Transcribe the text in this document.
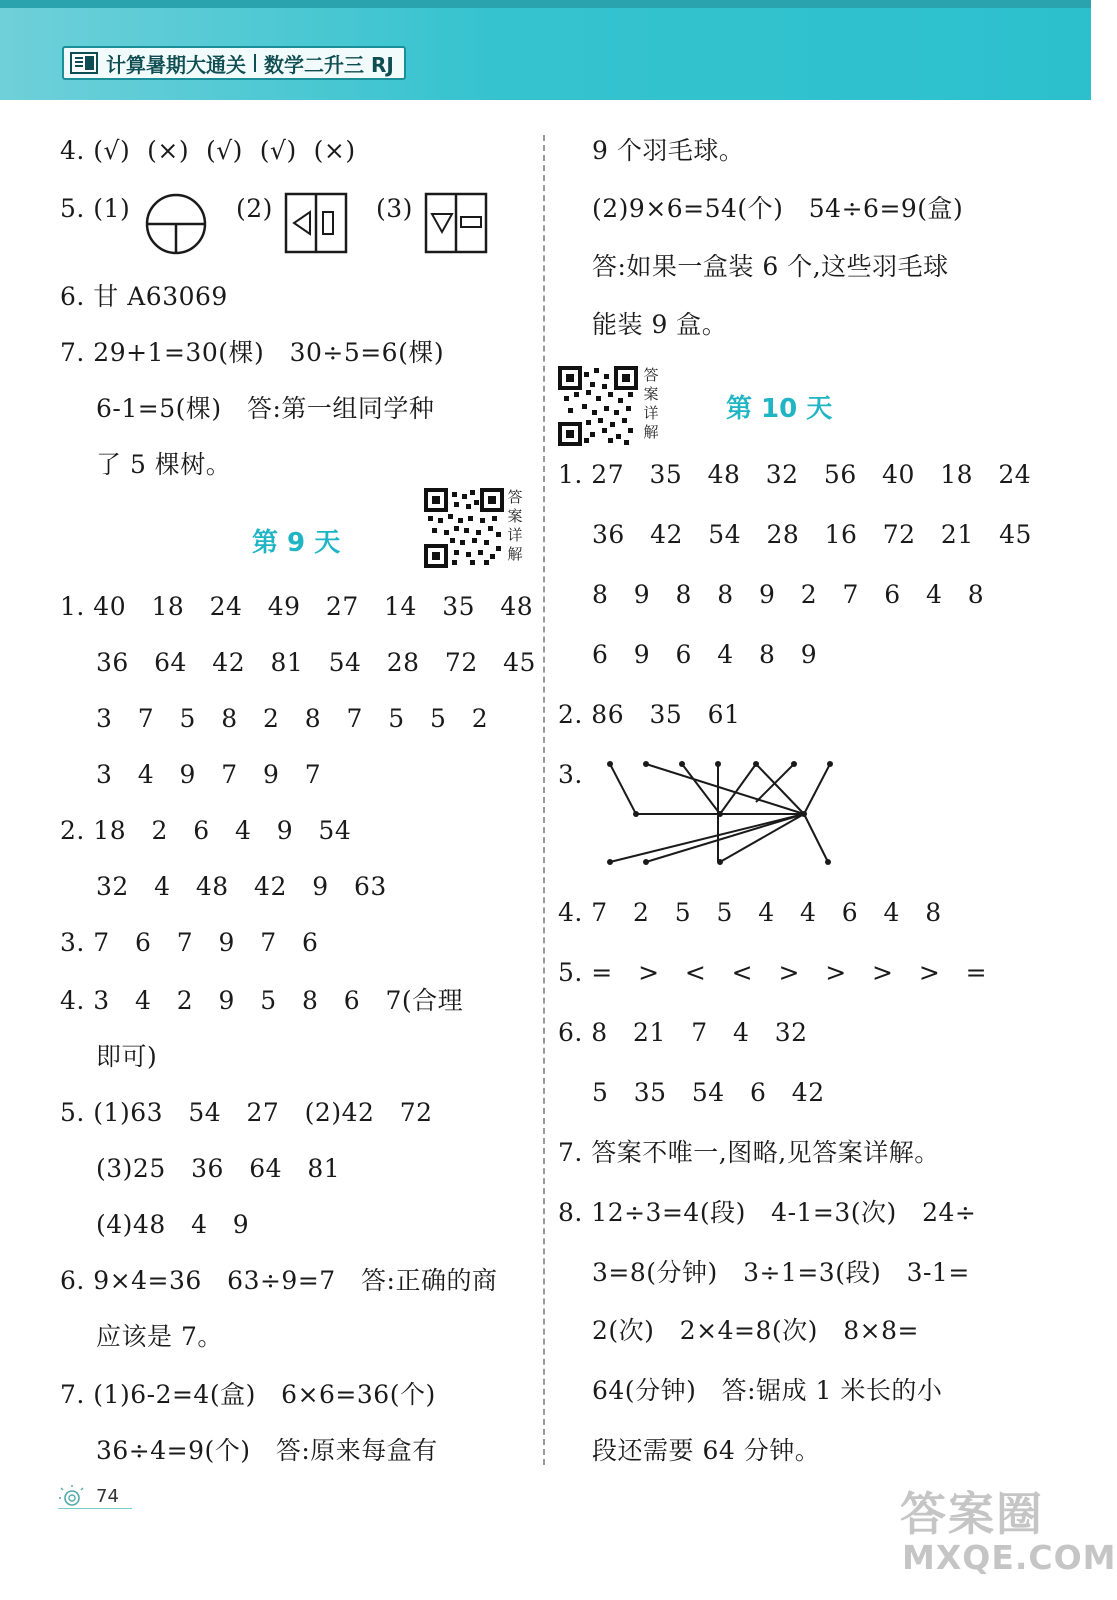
计算暑期大通关 数学二升三 RJ
4. (√)  (×)  (√)  (√)  (×)
5. (1)	(2)	(3)
6. 甘 A63069
7. 29+1=30(棵)   30÷5=6(棵)
6-1=5(棵)   答:第一组同学种
了 5 棵树。
第 9 天
答
案
详
解
1. 40   18   24   49   27   14   35   48
36   64   42   81   54   28   72   45
3   7   5   8   2   8   7   5   5   2
3   4   9   7   9   7
2. 18   2   6   4   9   54
32   4   48   42   9   63
3. 7   6   7   9   7   6
4. 3   4   2   9   5   8   6   7(合理
即可)
5. (1)63   54   27   (2)42   72
(3)25   36   64   81
(4)48   4   9
6. 9×4=36   63÷9=7   答:正确的商
应该是 7。
7. (1)6-2=4(盒)   6×6=36(个)
36÷4=9(个)   答:原来每盒有
9 个羽毛球。
(2)9×6=54(个)   54÷6=9(盒)
答:如果一盒装 6 个,这些羽毛球
能装 9 盒。
答
案
详
解
第 10 天
1. 27   35   48   32   56   40   18   24
36   42   54   28   16   72   21   45
8   9   8   8   9   2   7   6   4   8
6   9   6   4   8   9
2. 86   35   61
3.
4. 7   2   5   5   4   4   6   4   8
5. =   >   <   <   >   >   >   >   =
6. 8   21   7   4   32
5   35   54   6   42
7. 答案不唯一,图略,见答案详解。
8. 12÷3=4(段)   4-1=3(次)   24÷
3=8(分钟)   3÷1=3(段)   3-1=
2(次)   2×4=8(次)   8×8=
64(分钟)   答:锯成 1 米长的小
段还需要 64 分钟。
74	答案圈
MXQE.COM
